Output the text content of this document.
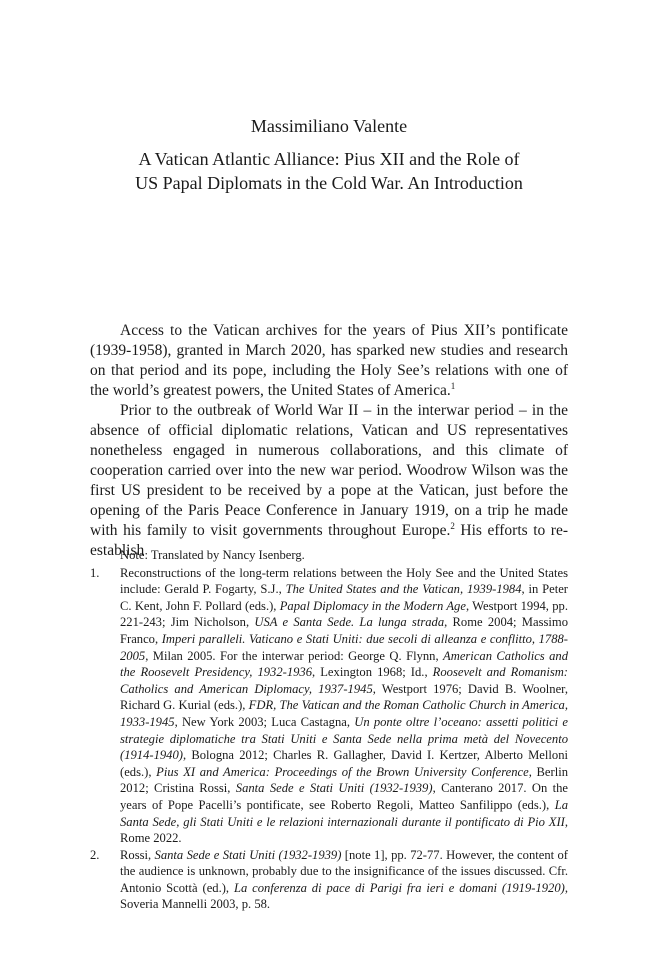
Massimiliano Valente
A Vatican Atlantic Alliance: Pius XII and the Role of
US Papal Diplomats in the Cold War. An Introduction

Access to the Vatican archives for the years of Pius XII’s pontificate (1939-1958), granted in March 2020, has sparked new studies and research on that period and its pope, including the Holy See’s relations with one of the world’s greatest powers, the United States of America.$^1$

Prior to the outbreak of World War II – in the interwar period – in the absence of official diplomatic relations, Vatican and US representatives nonetheless engaged in numerous collaborations, and this climate of cooperation carried over into the new war period. Woodrow Wilson was the first US president to be received by a pope at the Vatican, just before the opening of the Paris Peace Conference in January 1919, on a trip he made with his family to visit governments throughout Europe.$^2$ His efforts to re-establish

Note: Translated by Nancy Isenberg.

1. Reconstructions of the long-term relations between the Holy See and the United States include: Gerald P. Fogarty, S.J., The United States and the Vatican, 1939-1984, in Peter C. Kent, John F. Pollard (eds.), Papal Diplomacy in the Modern Age, Westport 1994, pp. 221-243; Jim Nicholson, USA e Santa Sede. La lunga strada, Rome 2004; Massimo Franco, Imperi paralleli. Vaticano e Stati Uniti: due secoli di alleanza e conflitto, 1788-2005, Milan 2005. For the interwar period: George Q. Flynn, American Catholics and the Roosevelt Presidency, 1932-1936, Lexington 1968; Id., Roosevelt and Romanism: Catholics and American Diplomacy, 1937-1945, Westport 1976; David B. Woolner, Richard G. Kurial (eds.), FDR, The Vatican and the Roman Catholic Church in America, 1933-1945, New York 2003; Luca Castagna, Un ponte oltre l’oceano: assetti politici e strategie diplomatiche tra Stati Uniti e Santa Sede nella prima metà del Novecento (1914-1940), Bologna 2012; Charles R. Gallagher, David I. Kertzer, Alberto Melloni (eds.), Pius XI and America: Proceedings of the Brown University Conference, Berlin 2012; Cristina Rossi, Santa Sede e Stati Uniti (1932-1939), Canterano 2017. On the years of Pope Pacelli’s pontificate, see Roberto Regoli, Matteo Sanfilippo (eds.), La Santa Sede, gli Stati Uniti e le relazioni internazionali durante il pontificato di Pio XII, Rome 2022.

2. Rossi, Santa Sede e Stati Uniti (1932-1939) [note 1], pp. 72-77. However, the content of the audience is unknown, probably due to the insignificance of the issues discussed. Cfr. Antonio Scottà (ed.), La conferenza di pace di Parigi fra ieri e domani (1919-1920), Soveria Mannelli 2003, p. 58.
